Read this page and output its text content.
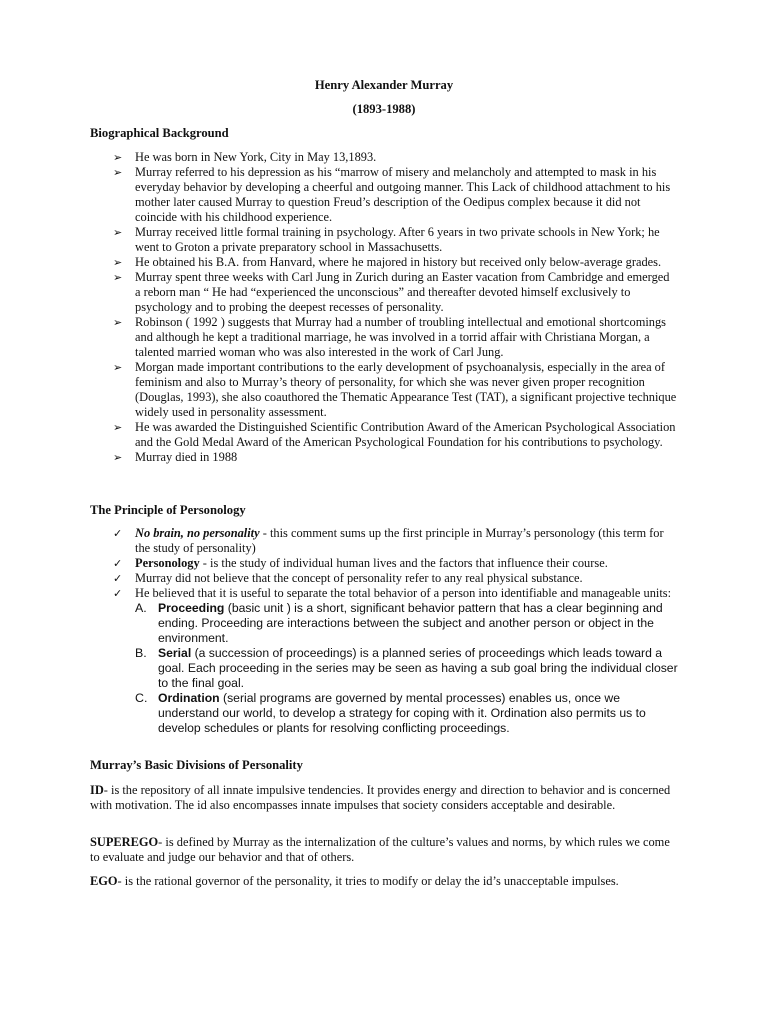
Henry Alexander Murray
(1893-1988)
Biographical Background
➢	He was born in New York, City in May 13,1893.
➢	Murray referred to his depression as his “marrow of misery and melancholy and attempted to mask in his everyday behavior by developing a cheerful and outgoing manner. This Lack of childhood attachment to his mother later caused Murray to question Freud’s description of the Oedipus complex because it did not coincide with his childhood experience.
➢	Murray received little formal training in psychology. After 6 years in two private schools in New York; he went to Groton a private preparatory school in Massachusetts.
➢	He obtained his B.A. from Hanvard, where he majored in history but received only below-average grades.
➢	Murray spent three weeks with Carl Jung in Zurich during an Easter vacation from Cambridge and emerged a reborn man “ He had “experienced the unconscious” and thereafter devoted himself exclusively to psychology and to probing the deepest recesses of personality.
➢	Robinson ( 1992 ) suggests that Murray had a number of troubling intellectual and emotional shortcomings and although he kept a traditional marriage, he was involved in a torrid affair with Christiana Morgan, a talented married woman who was also interested in the work of Carl Jung.
➢	Morgan made important contributions to the early development of psychoanalysis, especially in the area of feminism and also to Murray’s theory of personality, for which she was never given proper recognition (Douglas, 1993), she also coauthored the Thematic Appearance Test (TAT), a significant projective technique widely used in personality assessment.
➢	He was awarded the Distinguished Scientific Contribution Award of the American Psychological Association and the Gold Medal Award of the American Psychological Foundation for his contributions to psychology.
➢	Murray died in 1988
The Principle of Personology
✓	No brain, no personality - this comment sums up the first principle in Murray’s personology (this term for the study of personality)
✓	Personology - is the study of individual human lives and the factors that influence their course.
✓	Murray did not believe that the concept of personality refer to any real physical substance.
✓	He believed that it is useful to separate the total behavior of a person into identifiable and manageable units:
A. Proceeding (basic unit ) is a short, significant behavior pattern that has a clear beginning and ending. Proceeding are interactions between the subject and another person or object in the environment.
B. Serial (a succession of proceedings) is a planned series of proceedings which leads toward a goal. Each proceeding in the series may be seen as having a sub goal bring the individual closer to the final goal.
C. Ordination (serial programs are governed by mental processes) enables us, once we understand our world, to develop a strategy for coping with it. Ordination also permits us to develop schedules or plants for resolving conflicting proceedings.
Murray’s Basic Divisions of Personality
ID- is the repository of all innate impulsive tendencies. It provides energy and direction to behavior and is concerned with motivation. The id also encompasses innate impulses that society considers acceptable and desirable.
SUPEREGO- is defined by Murray as the internalization of the culture’s values and norms, by which rules we come to evaluate and judge our behavior and that of others.
EGO- is the rational governor of the personality, it tries to modify or delay the id’s unacceptable impulses.
